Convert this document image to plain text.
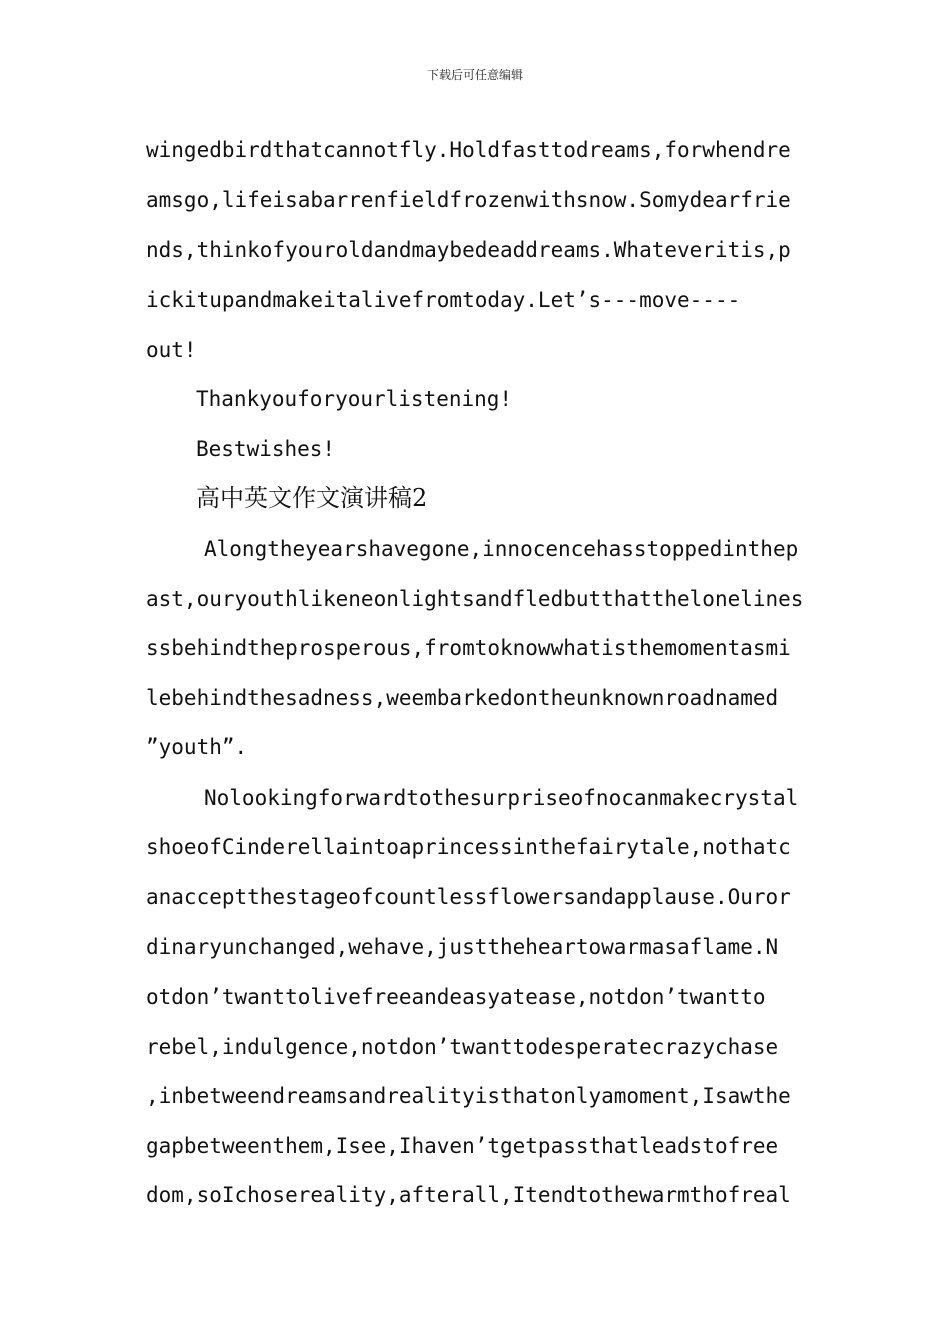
下载后可任意编辑
wingedbirdthatcannotfly.Holdfasttodreams,forwhendre
amsgo,lifeisabarrenfieldfrozenwithsnow.Somydearfrie
nds,thinkofyouroldandmaybedeaddreams.Whateveritis,p
ickitupandmakeitalivefromtoday.Let’s---move----
out!
Thankyouforyourlistening!
Bestwishes!
高中英文作文演讲稿2
Alongtheyearshavegone,innocencehasstoppedinthep
ast,ouryouthlikeneonlightsandfledbutthatthelonelines
ssbehindtheprosperous,fromtoknowwhatisthemomentasmi
lebehindthesadness,weembarkedontheunknownroadnamed
”youth”.
Nolookingforwardtothesurpriseofnocanmakecrystal
shoeofCinderellaintoaprincessinthefairytale,nothatc
anacceptthestageofcountlessflowersandapplause.Ouror
dinaryunchanged,wehave,justtheheartowarmasaflame.N
otdon’twanttolivefreeandeasyatease,notdon’twantto
rebel,indulgence,notdon’twanttodesperatecrazychase
,inbetweendreamsandrealityisthatonlyamoment,Isawthe
gapbetweenthem,Isee,Ihaven’tgetpassthatleadstofree
dom,soIchosereality,afterall,Itendtothewarmthofreal
